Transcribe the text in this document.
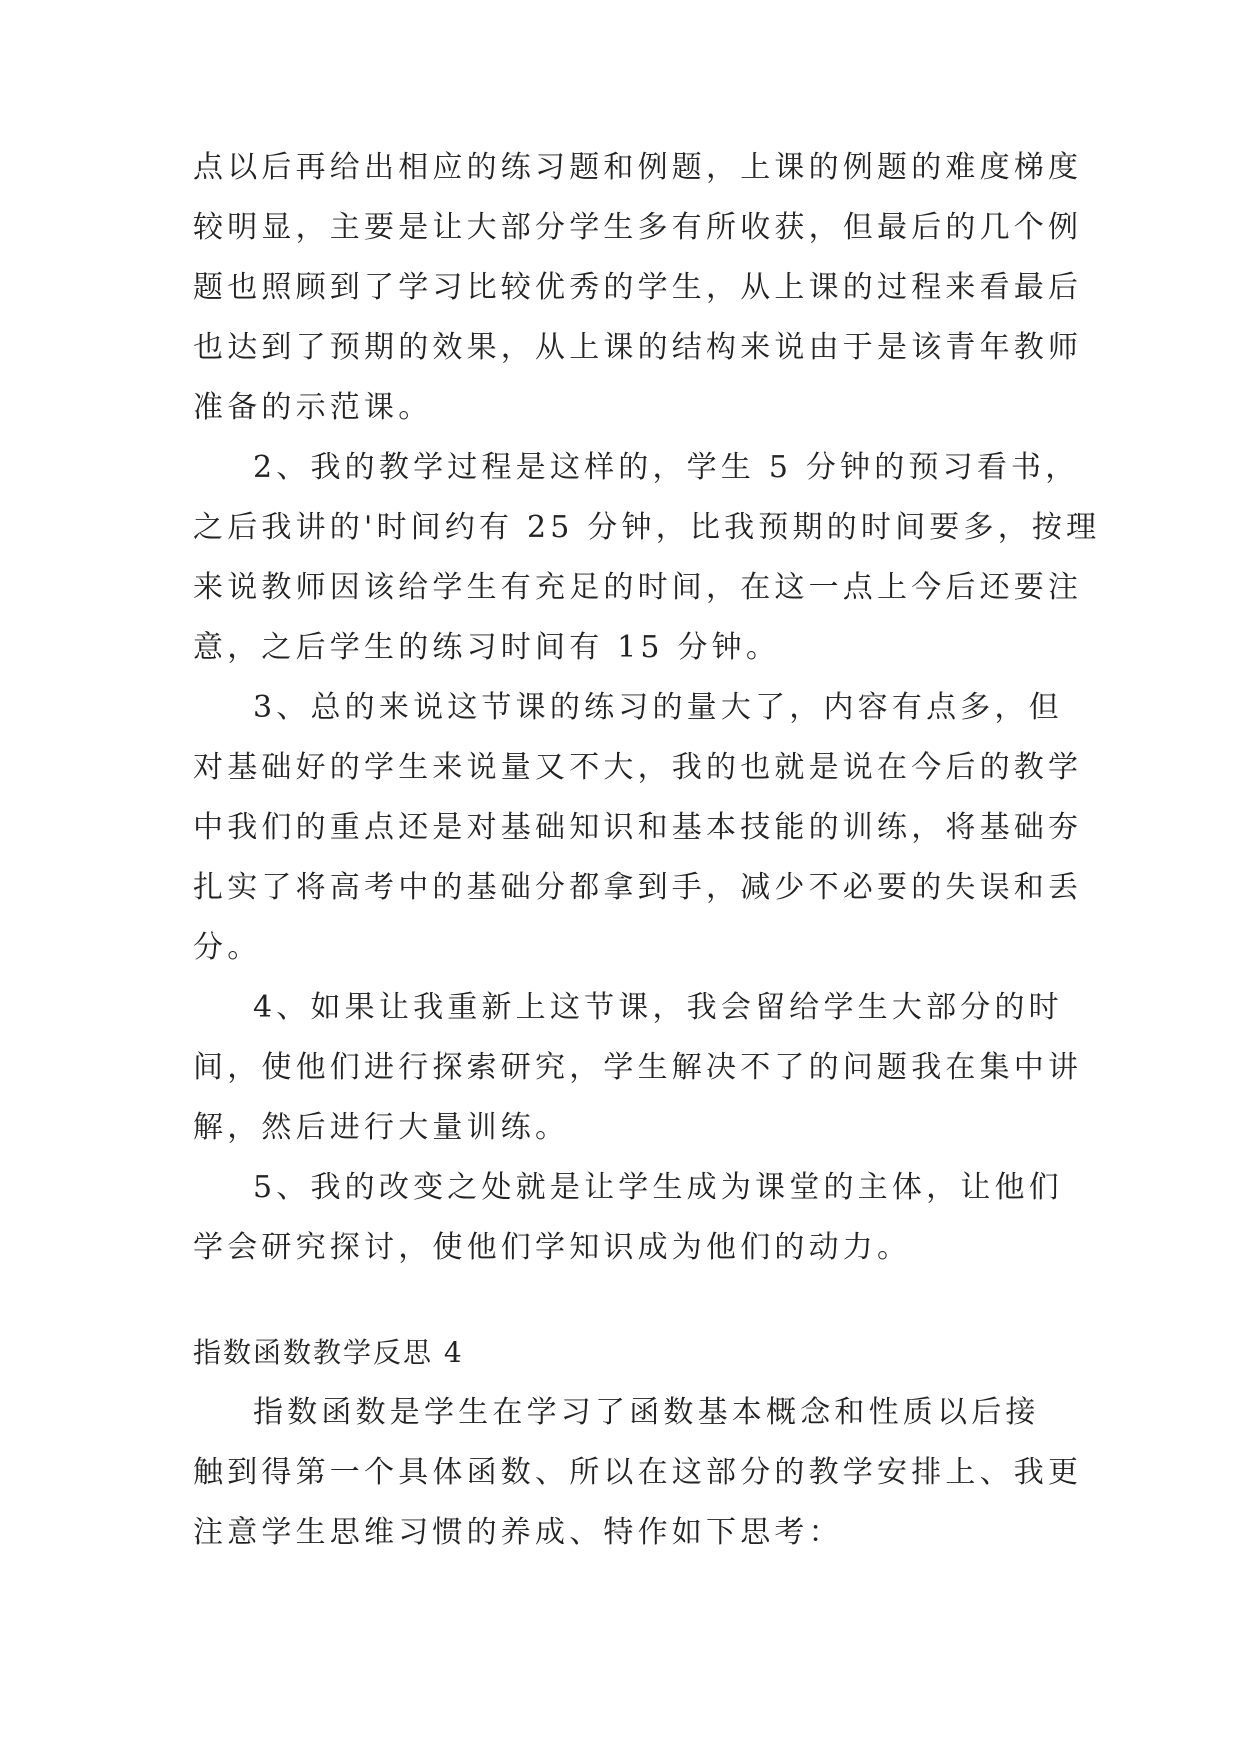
点以后再给出相应的练习题和例题，上课的例题的难度梯度
较明显，主要是让大部分学生多有所收获，但最后的几个例
题也照顾到了学习比较优秀的学生，从上课的过程来看最后
也达到了预期的效果，从上课的结构来说由于是该青年教师
准备的示范课。
2、我的教学过程是这样的，学生 5 分钟的预习看书，
之后我讲的'时间约有 25 分钟，比我预期的时间要多，按理
来说教师因该给学生有充足的时间，在这一点上今后还要注
意，之后学生的练习时间有 15 分钟。
3、总的来说这节课的练习的量大了，内容有点多，但
对基础好的学生来说量又不大，我的也就是说在今后的教学
中我们的重点还是对基础知识和基本技能的训练，将基础夯
扎实了将高考中的基础分都拿到手，减少不必要的失误和丢
分。
4、如果让我重新上这节课，我会留给学生大部分的时
间，使他们进行探索研究，学生解决不了的问题我在集中讲
解，然后进行大量训练。
5、我的改变之处就是让学生成为课堂的主体，让他们
学会研究探讨，使他们学知识成为他们的动力。
指数函数教学反思 4
指数函数是学生在学习了函数基本概念和性质以后接
触到得第一个具体函数、所以在这部分的教学安排上、我更
注意学生思维习惯的养成、特作如下思考：
